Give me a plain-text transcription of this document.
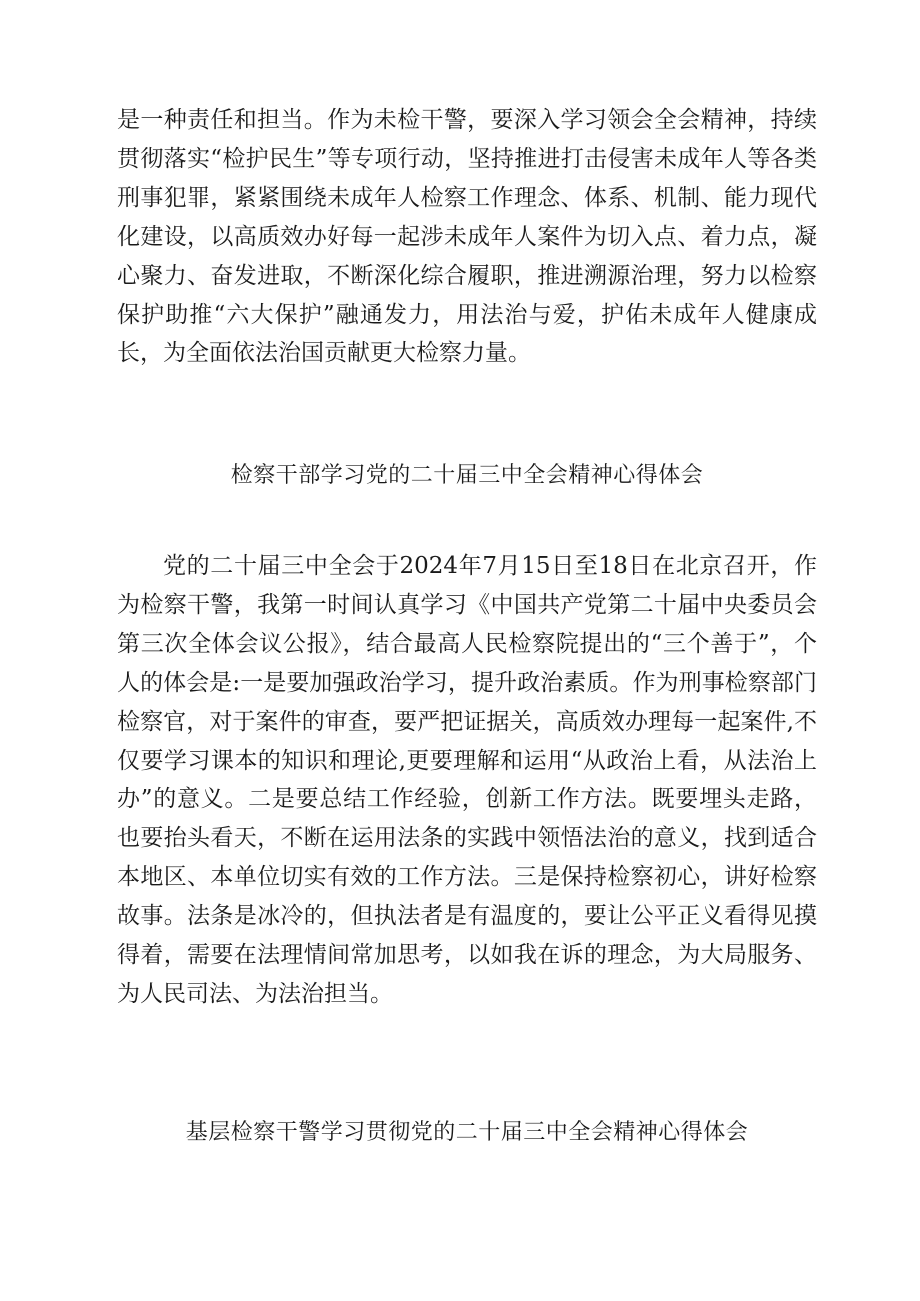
是一种责任和担当。作为未检干警，要深入学习领会全会精神，持续贯彻落实“检护民生”等专项行动，坚持推进打击侵害未成年人等各类刑事犯罪，紧紧围绕未成年人检察工作理念、体系、机制、能力现代化建设，以高质效办好每一起涉未成年人案件为切入点、着力点，凝心聚力、奋发进取，不断深化综合履职，推进溯源治理，努力以检察保护助推“六大保护”融通发力，用法治与爱，护佑未成年人健康成长，为全面依法治国贡献更大检察力量。

检察干部学习党的二十届三中全会精神心得体会

党的二十届三中全会于2024年7月15日至18日在北京召开，作为检察干警，我第一时间认真学习《中国共产党第二十届中央委员会第三次全体会议公报》，结合最高人民检察院提出的“三个善于”，个人的体会是:一是要加强政治学习，提升政治素质。作为刑事检察部门检察官，对于案件的审查，要严把证据关，高质效办理每一起案件,不仅要学习课本的知识和理论,更要理解和运用“从政治上看，从法治上办”的意义。二是要总结工作经验，创新工作方法。既要埋头走路，也要抬头看天，不断在运用法条的实践中领悟法治的意义，找到适合本地区、本单位切实有效的工作方法。三是保持检察初心，讲好检察故事。法条是冰冷的，但执法者是有温度的，要让公平正义看得见摸得着，需要在法理情间常加思考，以如我在诉的理念，为大局服务、为人民司法、为法治担当。

基层检察干警学习贯彻党的二十届三中全会精神心得体会
